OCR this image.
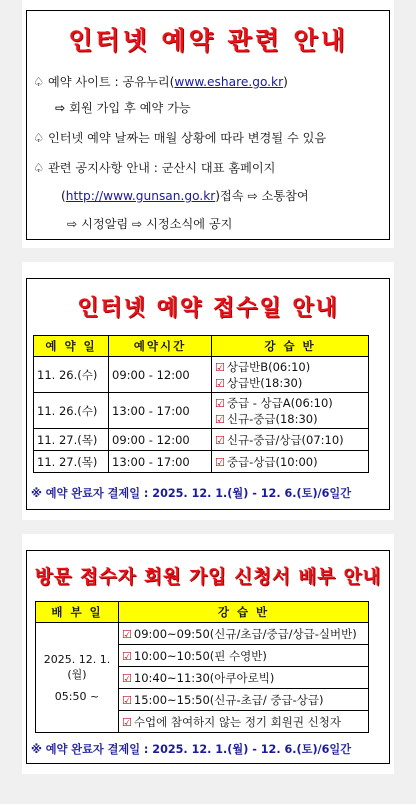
인터넷 예약 관련 안내
♤ 예약 사이트 : 공유누리(www.eshare.go.kr)
⇨ 회원 가입 후 예약 가능
♤ 인터넷 예약 날짜는 매월 상황에 따라 변경될 수 있음
♤ 관련 공지사항 안내 : 군산시 대표 홈페이지
(http://www.gunsan.go.kr)접속 ⇨ 소통참여
⇨ 시정알림 ⇨ 시정소식에 공지
인터넷 예약 접수일 안내
예 약 일	예약시간	강 습 반
11. 26.(수)	09:00 - 12:00	☑ 상급반B(06:10)
☑ 상급반(18:30)

11. 26.(수)	13:00 - 17:00	☑ 중급 - 상급A(06:10)
☑ 신규-중급(18:30)

11. 27.(목)	09:00 - 12:00	☑ 신규-중급/상급(07:10)
11. 27.(목)	13:00 - 17:00	☑ 중급-상급(10:00)
※ 예약 완료자 결제일 : 2025. 12. 1.(월) - 12. 6.(토)/6일간
방문 접수자 회원 가입 신청서 배부 안내
배 부 일	강 습 반

2025. 12. 1.(월)
05:50 ~	☑ 09:00~09:50(신규/초급/중급/상급-실버반)
	☑ 10:00~10:50(핀 수영반)
	☑ 10:40~11:30(아쿠아로빅)
	☑ 15:00~15:50(신규-초급/ 중급-상급)
	☑ 수업에 참여하지 않는 정기 회원권 신청자
※ 예약 완료자 결제일 : 2025. 12. 1.(월) - 12. 6.(토)/6일간
